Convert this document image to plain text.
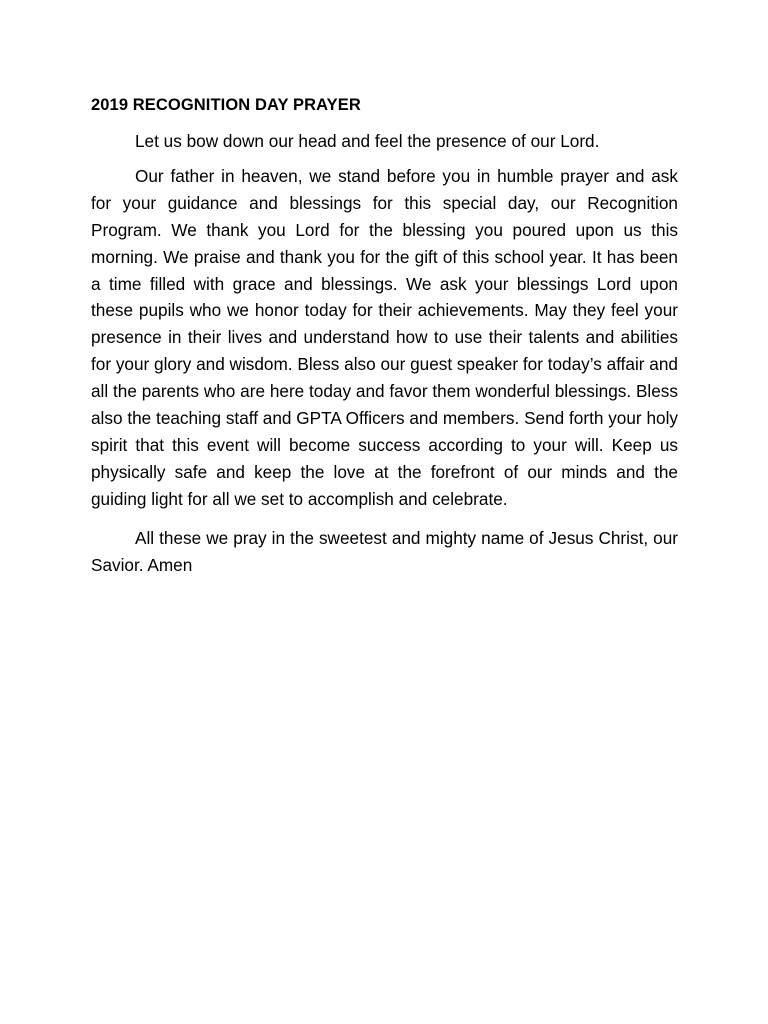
2019 RECOGNITION DAY PRAYER

Let us bow down our head and feel the presence of our Lord.

Our father in heaven, we stand before you in humble prayer and ask for your guidance and blessings for this special day, our Recognition Program. We thank you Lord for the blessing you poured upon us this morning. We praise and thank you for the gift of this school year. It has been a time filled with grace and blessings. We ask your blessings Lord upon these pupils who we honor today for their achievements. May they feel your presence in their lives and understand how to use their talents and abilities for your glory and wisdom. Bless also our guest speaker for today’s affair and all the parents who are here today and favor them wonderful blessings. Bless also the teaching staff and GPTA Officers and members. Send forth your holy spirit that this event will become success according to your will. Keep us physically safe and keep the love at the forefront of our minds and the guiding light for all we set to accomplish and celebrate.

All these we pray in the sweetest and mighty name of Jesus Christ, our Savior. Amen
